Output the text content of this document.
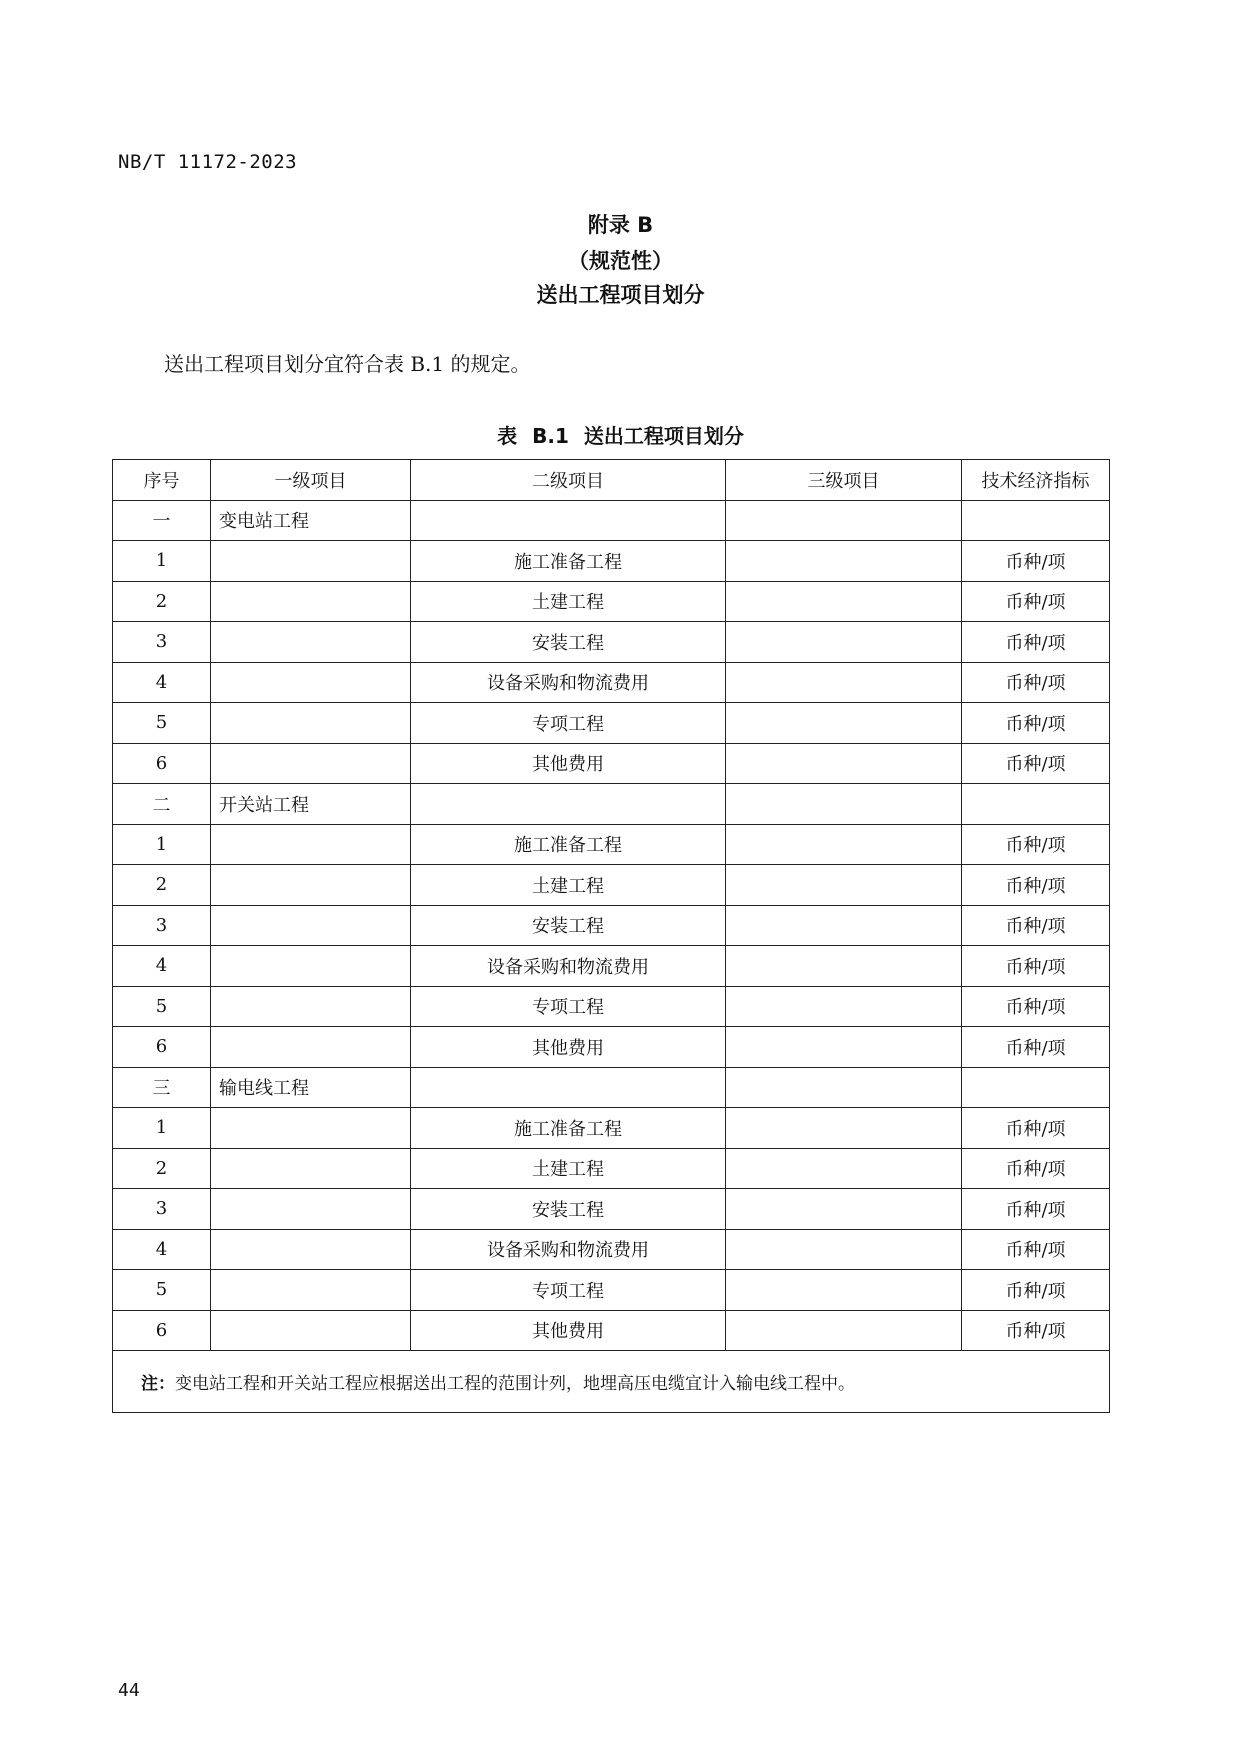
NB/T 11172-2023
附录 B
（规范性）
送出工程项目划分
送出工程项目划分宜符合表 B.1 的规定。
表 B.1 送出工程项目划分
序号	一级项目	二级项目	三级项目	技术经济指标
一	变电站工程			
1		施工准备工程		币种/项
2		土建工程		币种/项
3		安装工程		币种/项
4		设备采购和物流费用		币种/项
5		专项工程		币种/项
6		其他费用		币种/项
二	开关站工程			
1		施工准备工程		币种/项
2		土建工程		币种/项
3		安装工程		币种/项
4		设备采购和物流费用		币种/项
5		专项工程		币种/项
6		其他费用		币种/项
三	输电线工程			
1		施工准备工程		币种/项
2		土建工程		币种/项
3		安装工程		币种/项
4		设备采购和物流费用		币种/项
5		专项工程		币种/项
6		其他费用		币种/项
注：变电站工程和开关站工程应根据送出工程的范围计列，地埋高压电缆宜计入输电线工程中。				
44
